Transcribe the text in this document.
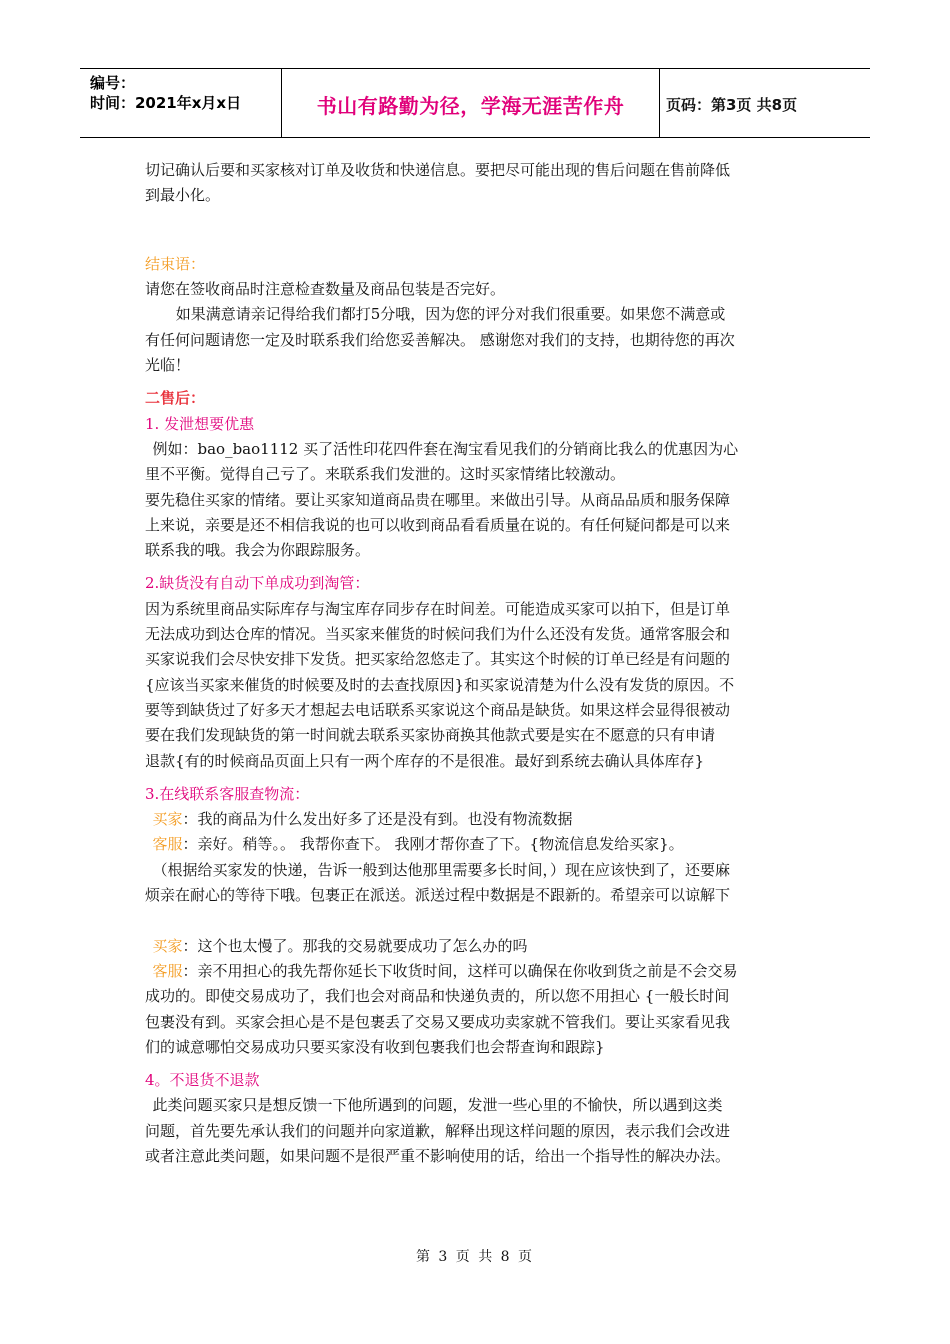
编号：
时间：2021年x月x日	书山有路勤为径，学海无涯苦作舟	页码：第3页 共8页

切记确认后要和买家核对订单及收货和快递信息。要把尽可能出现的售后问题在售前降低

到最小化。

结束语：

请您在签收商品时注意检查数量及商品包装是否完好。

如果满意请亲记得给我们都打5分哦，因为您的评分对我们很重要。如果您不满意或

有任何问题请您一定及时联系我们给您妥善解决。 感谢您对我们的支持，也期待您的再次

光临！

二售后：

1. 发泄想要优惠

例如：bao_bao1112 买了活性印花四件套在淘宝看见我们的分销商比我么的优惠因为心

里不平衡。觉得自己亏了。来联系我们发泄的。这时买家情绪比较激动。

要先稳住买家的情绪。要让买家知道商品贵在哪里。来做出引导。从商品品质和服务保障

上来说，亲要是还不相信我说的也可以收到商品看看质量在说的。有任何疑问都是可以来

联系我的哦。我会为你跟踪服务。

2.缺货没有自动下单成功到淘管：

因为系统里商品实际库存与淘宝库存同步存在时间差。可能造成买家可以拍下，但是订单

无法成功到达仓库的情况。当买家来催货的时候问我们为什么还没有发货。通常客服会和

买家说我们会尽快安排下发货。把买家给忽悠走了。其实这个时候的订单已经是有问题的

{应该当买家来催货的时候要及时的去查找原因}和买家说清楚为什么没有发货的原因。不

要等到缺货过了好多天才想起去电话联系买家说这个商品是缺货。如果这样会显得很被动

要在我们发现缺货的第一时间就去联系买家协商换其他款式要是实在不愿意的只有申请

退款{有的时候商品页面上只有一两个库存的不是很准。最好到系统去确认具体库存}

3.在线联系客服查物流：

买家：我的商品为什么发出好多了还是没有到。也没有物流数据

客服：亲好。稍等。。 我帮你查下。 我刚才帮你查了下。{物流信息发给买家}。

（根据给买家发的快递，告诉一般到达他那里需要多长时间，）现在应该快到了，还要麻

烦亲在耐心的等待下哦。包裹正在派送。派送过程中数据是不跟新的。希望亲可以谅解下

买家：这个也太慢了。那我的交易就要成功了怎么办的吗

客服：亲不用担心的我先帮你延长下收货时间，这样可以确保在你收到货之前是不会交易

成功的。即使交易成功了，我们也会对商品和快递负责的，所以您不用担心 {一般长时间

包裹没有到。买家会担心是不是包裹丢了交易又要成功卖家就不管我们。要让买家看见我

们的诚意哪怕交易成功只要买家没有收到包裹我们也会帮查询和跟踪}

4。不退货不退款

此类问题买家只是想反馈一下他所遇到的问题，发泄一些心里的不愉快，所以遇到这类

问题，首先要先承认我们的问题并向家道歉，解释出现这样问题的原因，表示我们会改进

或者注意此类问题，如果问题不是很严重不影响使用的话，给出一个指导性的解决办法。

第 3 页 共 8 页
